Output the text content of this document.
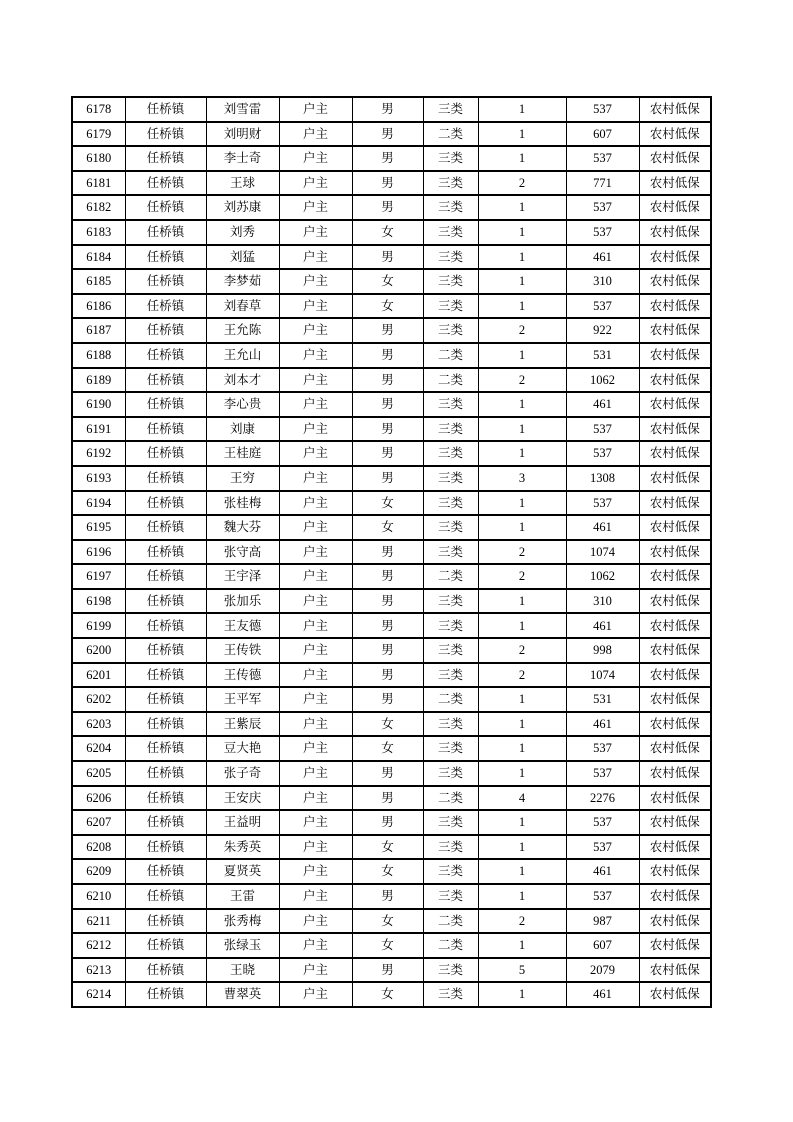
6178	任桥镇	刘雪雷	户主	男	三类	1	537	农村低保
6179	任桥镇	刘明财	户主	男	二类	1	607	农村低保
6180	任桥镇	李士奇	户主	男	三类	1	537	农村低保
6181	任桥镇	王球	户主	男	三类	2	771	农村低保
6182	任桥镇	刘苏康	户主	男	三类	1	537	农村低保
6183	任桥镇	刘秀	户主	女	三类	1	537	农村低保
6184	任桥镇	刘猛	户主	男	三类	1	461	农村低保
6185	任桥镇	李梦茹	户主	女	三类	1	310	农村低保
6186	任桥镇	刘春草	户主	女	三类	1	537	农村低保
6187	任桥镇	王允陈	户主	男	三类	2	922	农村低保
6188	任桥镇	王允山	户主	男	二类	1	531	农村低保
6189	任桥镇	刘本才	户主	男	二类	2	1062	农村低保
6190	任桥镇	李心贵	户主	男	三类	1	461	农村低保
6191	任桥镇	刘康	户主	男	三类	1	537	农村低保
6192	任桥镇	王桂庭	户主	男	三类	1	537	农村低保
6193	任桥镇	王穷	户主	男	三类	3	1308	农村低保
6194	任桥镇	张桂梅	户主	女	三类	1	537	农村低保
6195	任桥镇	魏大芬	户主	女	三类	1	461	农村低保
6196	任桥镇	张守高	户主	男	三类	2	1074	农村低保
6197	任桥镇	王宇泽	户主	男	二类	2	1062	农村低保
6198	任桥镇	张加乐	户主	男	三类	1	310	农村低保
6199	任桥镇	王友德	户主	男	三类	1	461	农村低保
6200	任桥镇	王传铁	户主	男	三类	2	998	农村低保
6201	任桥镇	王传德	户主	男	三类	2	1074	农村低保
6202	任桥镇	王平军	户主	男	二类	1	531	农村低保
6203	任桥镇	王紫辰	户主	女	三类	1	461	农村低保
6204	任桥镇	豆大艳	户主	女	三类	1	537	农村低保
6205	任桥镇	张子奇	户主	男	三类	1	537	农村低保
6206	任桥镇	王安庆	户主	男	二类	4	2276	农村低保
6207	任桥镇	王益明	户主	男	三类	1	537	农村低保
6208	任桥镇	朱秀英	户主	女	三类	1	537	农村低保
6209	任桥镇	夏贤英	户主	女	三类	1	461	农村低保
6210	任桥镇	王雷	户主	男	三类	1	537	农村低保
6211	任桥镇	张秀梅	户主	女	二类	2	987	农村低保
6212	任桥镇	张绿玉	户主	女	二类	1	607	农村低保
6213	任桥镇	王晓	户主	男	三类	5	2079	农村低保
6214	任桥镇	曹翠英	户主	女	三类	1	461	农村低保
